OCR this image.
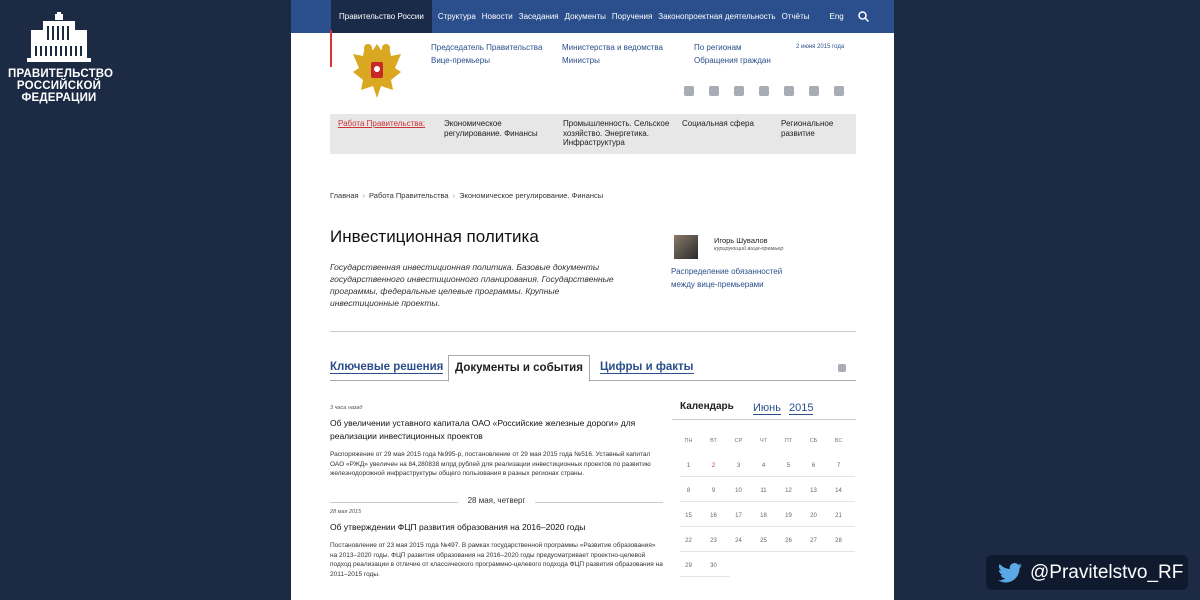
ПРАВИТЕЛЬСТВО
РОССИЙСКОЙ
ФЕДЕРАЦИИ
@Pravitelstvo_RF
Правительство России	Структура Новости Заседания Документы Поручения Законопроектная деятельность Отчёты	Eng
Председатель Правительства
Вице-премьеры
Министерства и ведомства
Министры
По регионам
Обращения граждан
2 июня 2015 года
Работа Правительства: Экономическое регулирование. Финансы
Промышленность. Сельское хозяйство. Энергетика. Инфраструктура
Социальная сфера	Региональное развитие
Главная › Работа Правительства › Экономическое регулирование. Финансы
Инвестиционная политика
Государственная инвестиционная политика. Базовые документы государственного инвестиционного планирования. Государственные программы, федеральные целевые программы. Крупные инвестиционные проекты.
Игорь Шувалов
курирующий вице-премьер
Распределение обязанностей между вице-премьерами
Ключевые решения	Документы и события	Цифры и факты
3 часа назад
Об увеличении уставного капитала ОАО «Российские железные дороги» для реализации инвестиционных проектов
Распоряжение от 29 мая 2015 года №995-р, постановление от 29 мая 2015 года №516. Уставный капитал ОАО «РЖД» увеличен на 84,280838 млрд рублей для реализации инвестиционных проектов по развитию железнодорожной инфраструктуры общего пользования в разных регионах страны.
28 мая, четверг
28 мая 2015
Об утверждении ФЦП развития образования на 2016–2020 годы
Постановление от 23 мая 2015 года №497. В рамках государственной программы «Развитие образования» на 2013–2020 годы. ФЦП развития образования на 2016–2020 годы предусматривает проектно-целевой подход реализации в отличие от классического программно-целевого подхода ФЦП развития образования на 2011–2015 годы.
Календарь Июнь 2015
ПН	ВТ	СР	ЧТ	ПТ	СБ	ВС
1	2	3	4	5	6	7
8	9	10	11	12	13	14
15	16	17	18	19	20	21
22	23	24	25	26	27	28
29	30
